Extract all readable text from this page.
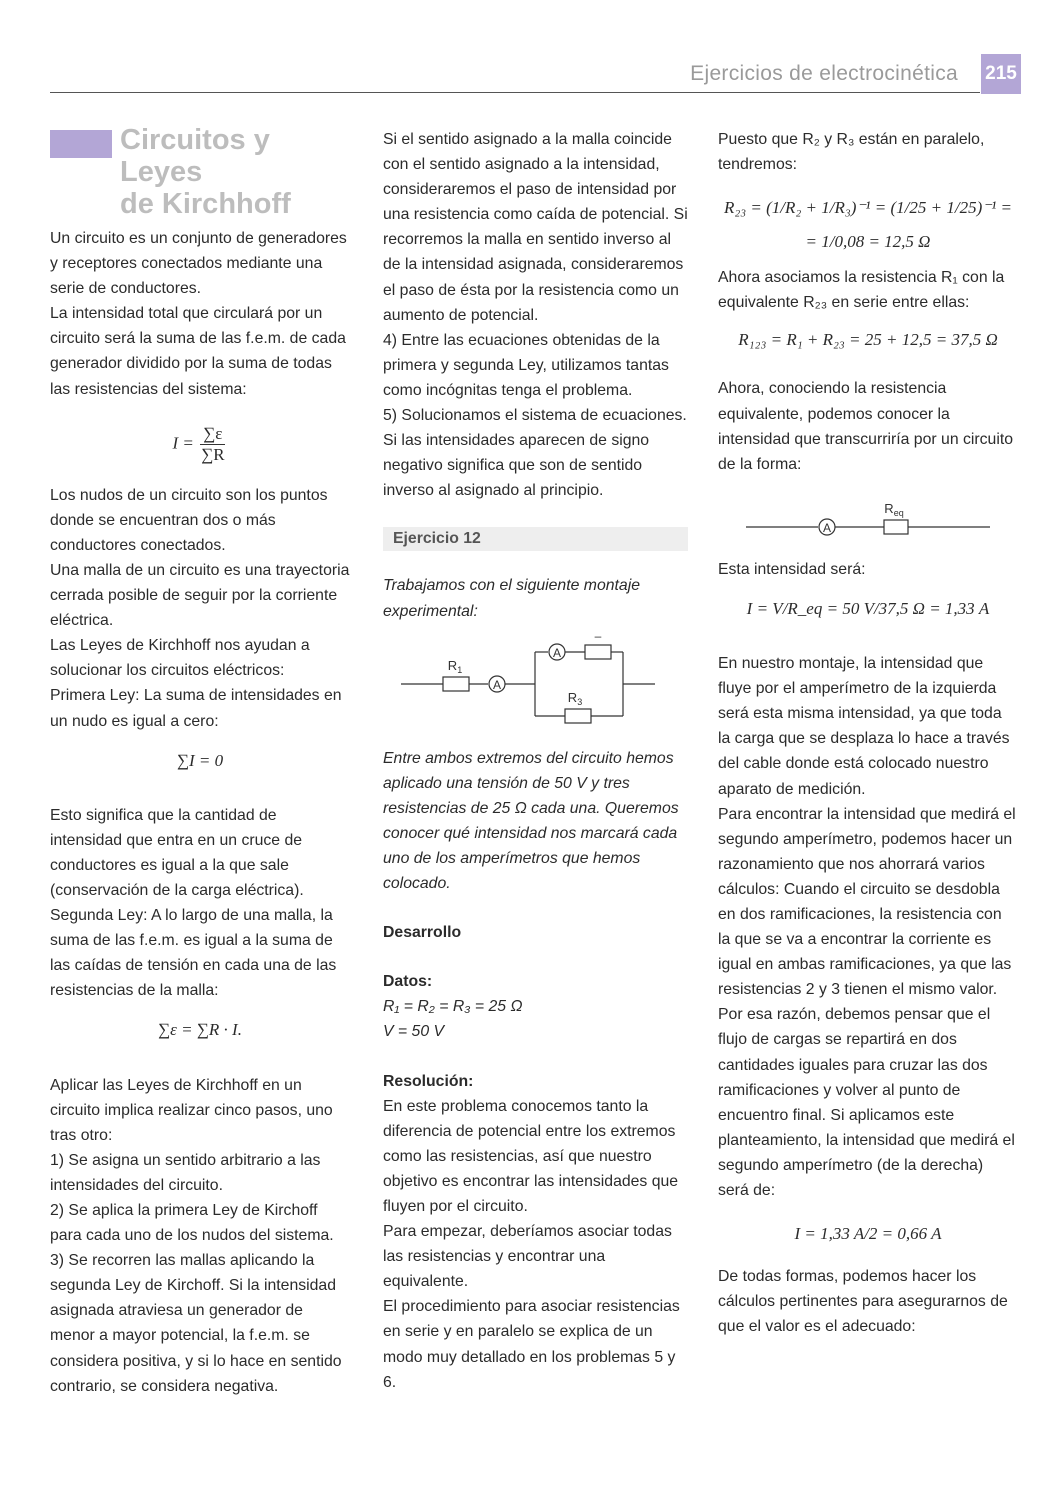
Ejercicios de electrocinética 215
Circuitos y Leyes
de Kirchhoff

Un circuito es un conjunto de generadores y receptores conectados mediante una serie de conductores.

La intensidad total que circulará por un circuito será la suma de las f.e.m. de cada generador dividido por la suma de todas las resistencias del sistema:

$I = \frac{\sum\varepsilon}{\sum R}$

Los nudos de un circuito son los puntos donde se encuentran dos o más conductores conectados.

Una malla de un circuito es una trayectoria cerrada posible de seguir por la corriente eléctrica.

Las Leyes de Kirchhoff nos ayudan a solucionar los circuitos eléctricos:

Primera Ley: La suma de intensidades en un nudo es igual a cero:

∑I = 0

Esto significa que la cantidad de intensidad que entra en un cruce de conductores es igual a la que sale (conservación de la carga eléctrica).

Segunda Ley: A lo largo de una malla, la suma de las f.e.m. es igual a la suma de las caídas de tensión en cada una de las resistencias de la malla:

∑ε = ∑R · I.

Aplicar las Leyes de Kirchhoff en un circuito implica realizar cinco pasos, uno tras otro:

1) Se asigna un sentido arbitrario a las intensidades del circuito.

2) Se aplica la primera Ley de Kirchoff para cada uno de los nudos del sistema.

3) Se recorren las mallas aplicando la segunda Ley de Kirchoff. Si la intensidad asignada atraviesa un generador de menor a mayor potencial, la f.e.m. se considera positiva, y si lo hace en sentido contrario, se considera negativa.

Si el sentido asignado a la malla coincide con el sentido asignado a la intensidad, consideraremos el paso de intensidad por una resistencia como caída de potencial. Si recorremos la malla en sentido inverso al de la intensidad asignada, consideraremos el paso de ésta por la resistencia como un aumento de potencial.

4) Entre las ecuaciones obtenidas de la primera y segunda Ley, utilizamos tantas como incógnitas tenga el problema.

5) Solucionamos el sistema de ecuaciones. Si las intensidades aparecen de signo negativo significa que son de sentido inverso al asignado al principio.

Ejercicio 12

Trabajamos con el siguiente montaje experimental:

$R_1$
A
A
–
$R_3$

Entre ambos extremos del circuito hemos aplicado una tensión de 50 V y tres resistencias de 25 Ω cada una. Queremos conocer qué intensidad nos marcará cada uno de los amperímetros que hemos colocado.

Desarrollo

Datos:

R₁ = R₂ = R₃ = 25 Ω

V = 50 V

Resolución:

En este problema conocemos tanto la diferencia de potencial entre los extremos como las resistencias, así que nuestro objetivo es encontrar las intensidades que fluyen por el circuito.

Para empezar, deberíamos asociar todas las resistencias y encontrar una equivalente.

El procedimiento para asociar resistencias en serie y en paralelo se explica de un modo muy detallado en los problemas 5 y 6.

Puesto que R₂ y R₃ están en paralelo, tendremos:

R₂₃ = (1/R₂ + 1/R₃)⁻¹ = (1/25 + 1/25)⁻¹ =
= 1/0,08 = 12,5 Ω

Ahora asociamos la resistencia R₁ con la equivalente R₂₃ en serie entre ellas:

R₁₂₃ = R₁ + R₂₃ = 25 + 12,5 = 37,5 Ω

Ahora, conociendo la resistencia equivalente, podemos conocer la intensidad que transcurriría por un circuito de la forma:

A
$R_{eq}$

Esta intensidad será:

I = V/R_eq = 50 V/37,5 Ω = 1,33 A

En nuestro montaje, la intensidad que fluye por el amperímetro de la izquierda será esta misma intensidad, ya que toda la carga que se desplaza lo hace a través del cable donde está colocado nuestro aparato de medición.

Para encontrar la intensidad que medirá el segundo amperímetro, podemos hacer un razonamiento que nos ahorrará varios cálculos: Cuando el circuito se desdobla en dos ramificaciones, la resistencia con la que se va a encontrar la corriente es igual en ambas ramificaciones, ya que las resistencias 2 y 3 tienen el mismo valor. Por esa razón, debemos pensar que el flujo de cargas se repartirá en dos cantidades iguales para cruzar las dos ramificaciones y volver al punto de encuentro final. Si aplicamos este planteamiento, la intensidad que medirá el segundo amperímetro (de la derecha) será de:

I = 1,33 A/2 = 0,66 A

De todas formas, podemos hacer los cálculos pertinentes para asegurarnos de que el valor es el adecuado:
